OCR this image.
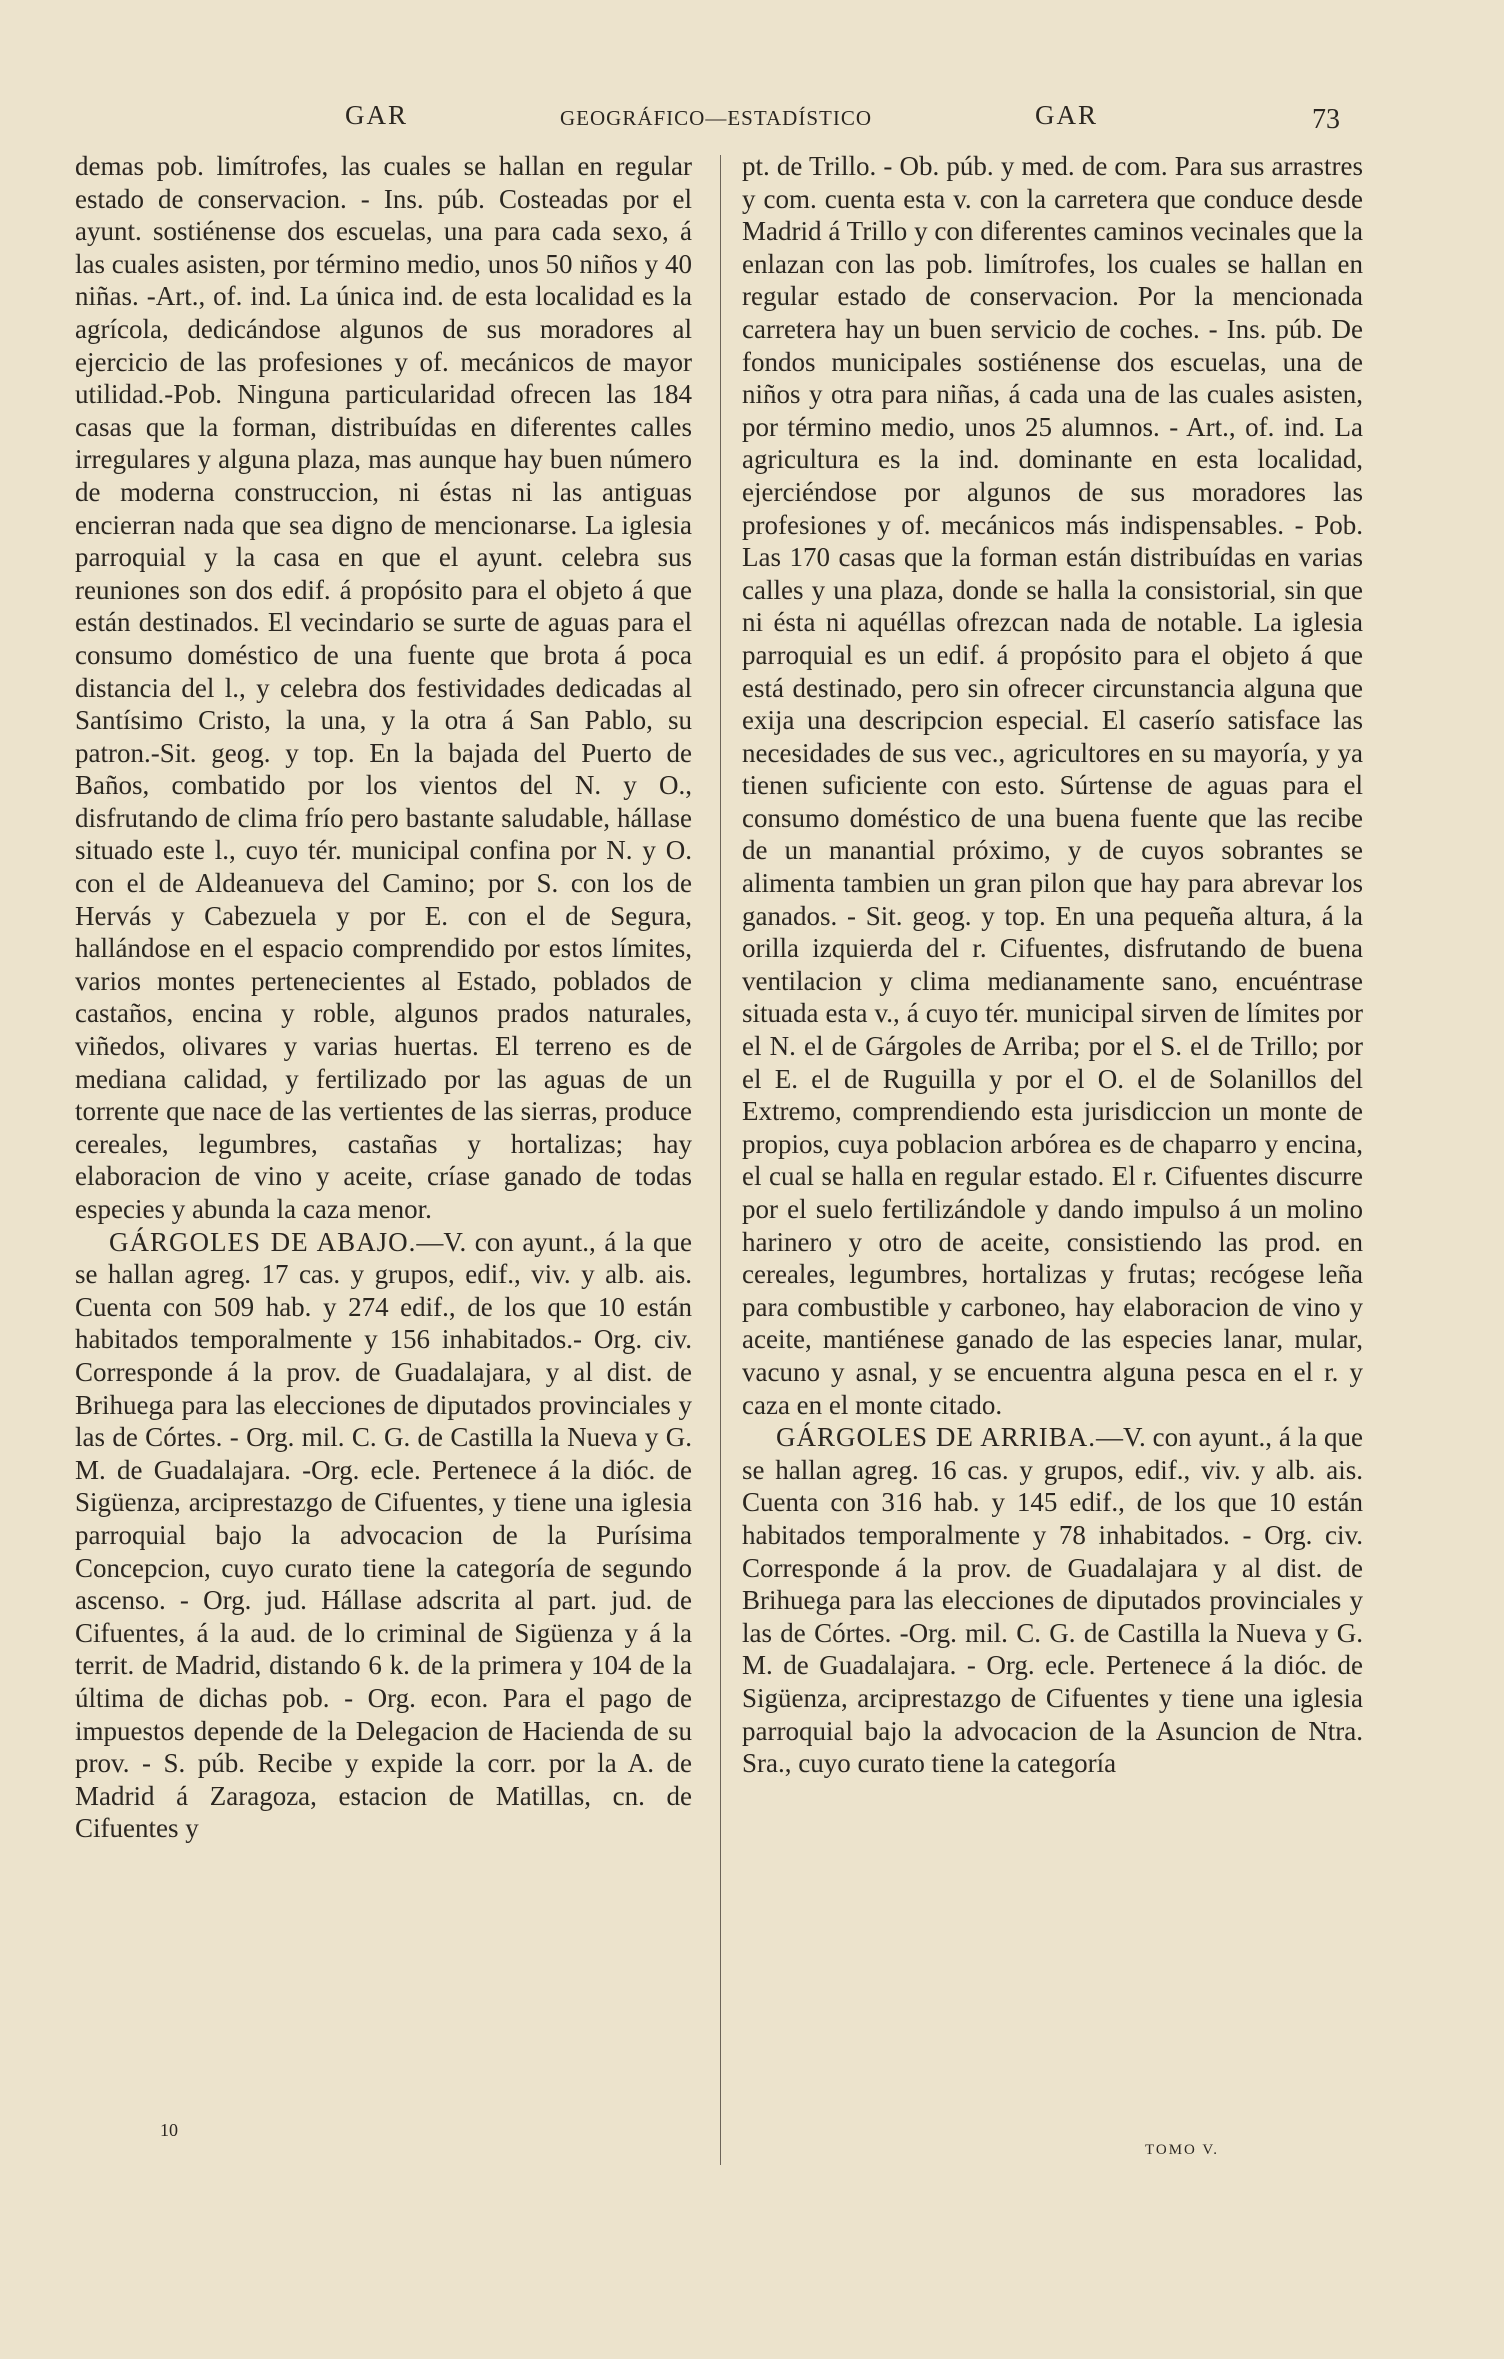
GAR	GEOGRÁFICO—ESTADÍSTICO	GAR	73

demas pob. limítrofes, las cuales se hallan en regular estado de conservacion. - Ins. púb. Costeadas por el ayunt. sostiénense dos escuelas, una para cada sexo, á las cuales asisten, por término medio, unos 50 niños y 40 niñas. -Art., of. ind. La única ind. de esta localidad es la agrícola, dedicándose algunos de sus moradores al ejercicio de las profesiones y of. mecánicos de mayor utilidad.-Pob. Ninguna particularidad ofrecen las 184 casas que la forman, distribuídas en diferentes calles irregulares y alguna plaza, mas aunque hay buen número de moderna construccion, ni éstas ni las antiguas encierran nada que sea digno de mencionarse. La iglesia parroquial y la casa en que el ayunt. celebra sus reuniones son dos edif. á propósito para el objeto á que están destinados. El vecindario se surte de aguas para el consumo doméstico de una fuente que brota á poca distancia del l., y celebra dos festividades dedicadas al Santísimo Cristo, la una, y la otra á San Pablo, su patron.-Sit. geog. y top. En la bajada del Puerto de Baños, combatido por los vientos del N. y O., disfrutando de clima frío pero bastante saludable, hállase situado este l., cuyo tér. municipal confina por N. y O. con el de Aldeanueva del Camino; por S. con los de Hervás y Cabezuela y por E. con el de Segura, hallándose en el espacio comprendido por estos límites, varios montes pertenecientes al Estado, poblados de castaños, encina y roble, algunos prados naturales, viñedos, olivares y varias huertas. El terreno es de mediana calidad, y fertilizado por las aguas de un torrente que nace de las vertientes de las sierras, produce cereales, legumbres, castañas y hortalizas; hay elaboracion de vino y aceite, críase ganado de todas especies y abunda la caza menor.

GÁRGOLES DE ABAJO.—V. con ayunt., á la que se hallan agreg. 17 cas. y grupos, edif., viv. y alb. ais. Cuenta con 509 hab. y 274 edif., de los que 10 están habitados temporalmente y 156 inhabitados.- Org. civ. Corresponde á la prov. de Guadalajara, y al dist. de Brihuega para las elecciones de diputados provinciales y las de Córtes. - Org. mil. C. G. de Castilla la Nueva y G. M. de Guadalajara. -Org. ecle. Pertenece á la dióc. de Sigüenza, arciprestazgo de Cifuentes, y tiene una iglesia parroquial bajo la advocacion de la Purísima Concepcion, cuyo curato tiene la categoría de segundo ascenso. - Org. jud. Hállase adscrita al part. jud. de Cifuentes, á la aud. de lo criminal de Sigüenza y á la territ. de Madrid, distando 6 k. de la primera y 104 de la última de dichas pob. - Org. econ. Para el pago de impuestos depende de la Delegacion de Hacienda de su prov. - S. púb. Recibe y expide la corr. por la A. de Madrid á Zaragoza, estacion de Matillas, cn. de Cifuentes y

pt. de Trillo. - Ob. púb. y med. de com. Para sus arrastres y com. cuenta esta v. con la carretera que conduce desde Madrid á Trillo y con diferentes caminos vecinales que la enlazan con las pob. limítrofes, los cuales se hallan en regular estado de conservacion. Por la mencionada carretera hay un buen servicio de coches. - Ins. púb. De fondos municipales sostiénense dos escuelas, una de niños y otra para niñas, á cada una de las cuales asisten, por término medio, unos 25 alumnos. - Art., of. ind. La agricultura es la ind. dominante en esta localidad, ejerciéndose por algunos de sus moradores las profesiones y of. mecánicos más indispensables. - Pob. Las 170 casas que la forman están distribuídas en varias calles y una plaza, donde se halla la consistorial, sin que ni ésta ni aquéllas ofrezcan nada de notable. La iglesia parroquial es un edif. á propósito para el objeto á que está destinado, pero sin ofrecer circunstancia alguna que exija una descripcion especial. El caserío satisface las necesidades de sus vec., agricultores en su mayoría, y ya tienen suficiente con esto. Súrtense de aguas para el consumo doméstico de una buena fuente que las recibe de un manantial próximo, y de cuyos sobrantes se alimenta tambien un gran pilon que hay para abrevar los ganados. - Sit. geog. y top. En una pequeña altura, á la orilla izquierda del r. Cifuentes, disfrutando de buena ventilacion y clima medianamente sano, encuéntrase situada esta v., á cuyo tér. municipal sirven de límites por el N. el de Gárgoles de Arriba; por el S. el de Trillo; por el E. el de Ruguilla y por el O. el de Solanillos del Extremo, comprendiendo esta jurisdiccion un monte de propios, cuya poblacion arbórea es de chaparro y encina, el cual se halla en regular estado. El r. Cifuentes discurre por el suelo fertilizándole y dando impulso á un molino harinero y otro de aceite, consistiendo las prod. en cereales, legumbres, hortalizas y frutas; recógese leña para combustible y carboneo, hay elaboracion de vino y aceite, mantiénese ganado de las especies lanar, mular, vacuno y asnal, y se encuentra alguna pesca en el r. y caza en el monte citado.

GÁRGOLES DE ARRIBA.—V. con ayunt., á la que se hallan agreg. 16 cas. y grupos, edif., viv. y alb. ais. Cuenta con 316 hab. y 145 edif., de los que 10 están habitados temporalmente y 78 inhabitados. - Org. civ. Corresponde á la prov. de Guadalajara y al dist. de Brihuega para las elecciones de diputados provinciales y las de Córtes. -Org. mil. C. G. de Castilla la Nueva y G. M. de Guadalajara. - Org. ecle. Pertenece á la dióc. de Sigüenza, arciprestazgo de Cifuentes y tiene una iglesia parroquial bajo la advocacion de la Asuncion de Ntra. Sra., cuyo curato tiene la categoría

10
TOMO V.
